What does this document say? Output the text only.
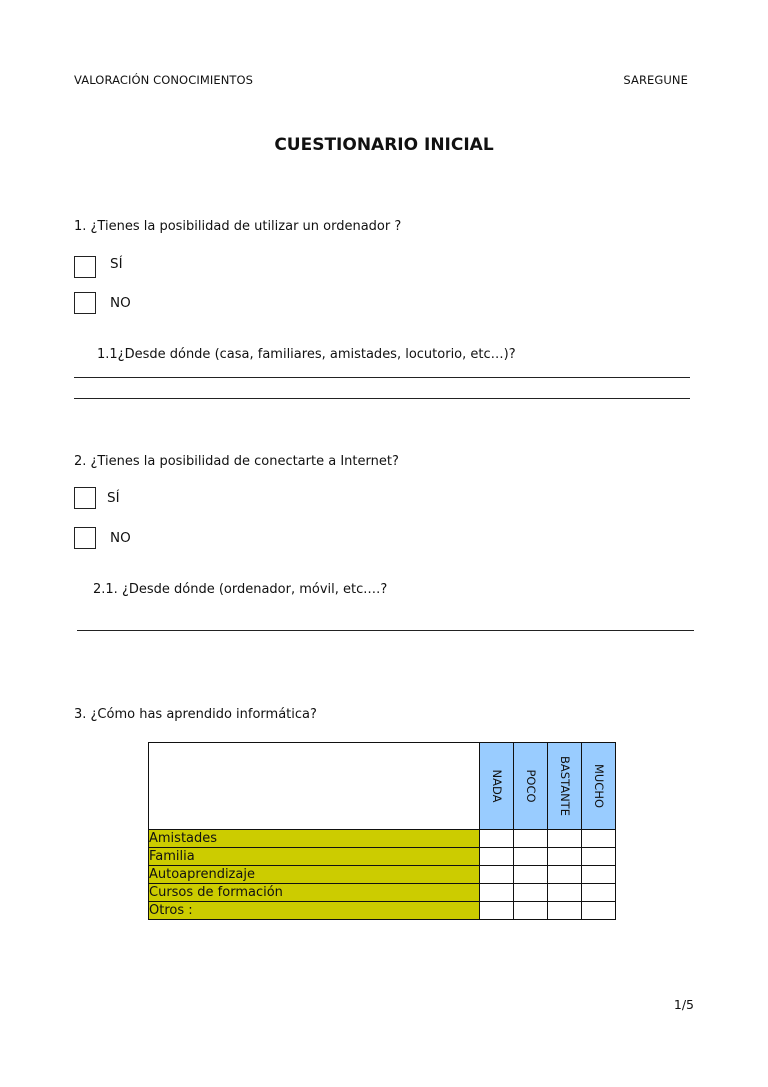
VALORACIÓN CONOCIMIENTOS	SAREGUNE
CUESTIONARIO INICIAL
1. ¿Tienes la posibilidad de utilizar un ordenador ?
SÍ
NO
1.1¿Desde dónde (casa, familiares, amistades, locutorio, etc…)?
2. ¿Tienes la posibilidad de conectarte a Internet?
SÍ
NO
2.1. ¿Desde dónde (ordenador, móvil, etc.…?
3. ¿Cómo has aprendido informática?

	NADA	POCO	BASTANTE	MUCHO

Amistades				
Familia				
Autoaprendizaje				
Cursos de formación				
Otros :				
1/5
